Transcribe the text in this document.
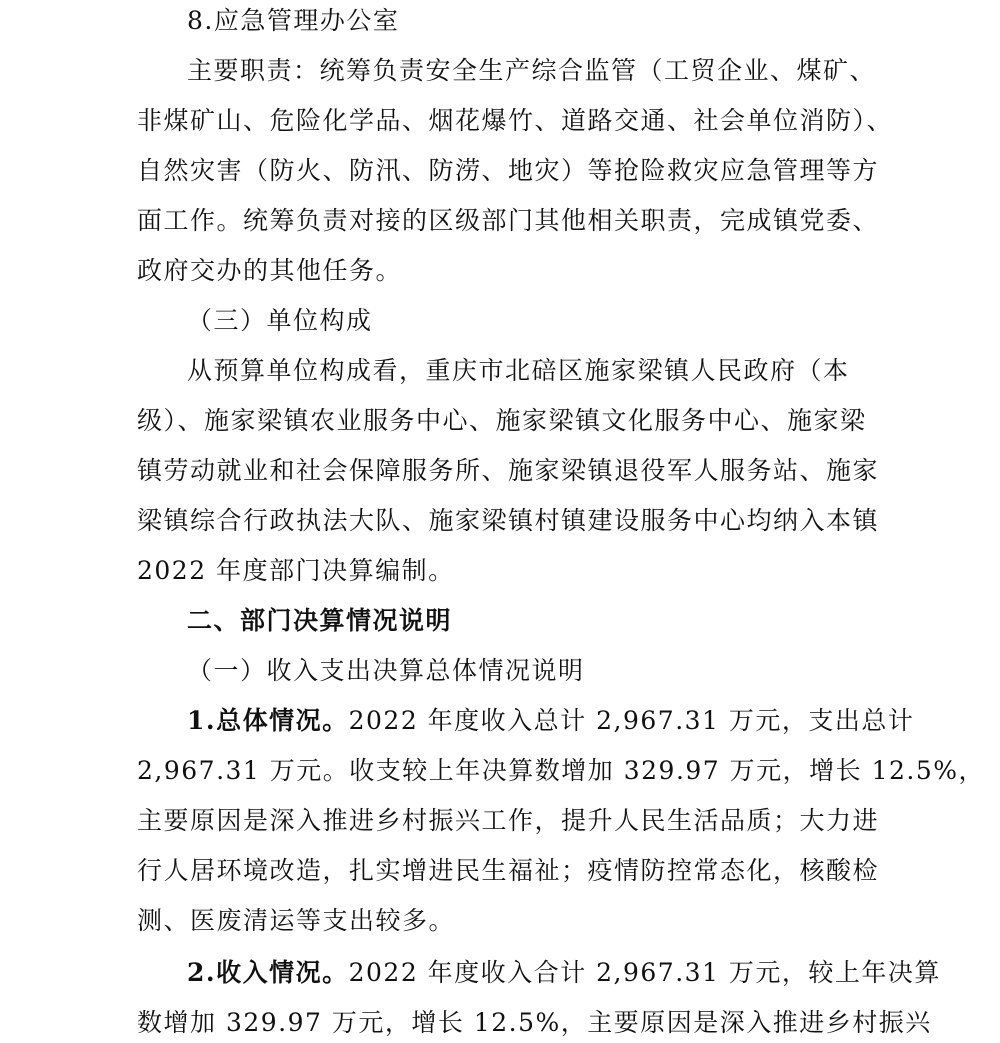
8.应急管理办公室
主要职责：统筹负责安全生产综合监管（工贸企业、煤矿、
非煤矿山、危险化学品、烟花爆竹、道路交通、社会单位消防）、
自然灾害（防火、防汛、防涝、地灾）等抢险救灾应急管理等方
面工作。统筹负责对接的区级部门其他相关职责，完成镇党委、
政府交办的其他任务。
（三）单位构成
从预算单位构成看，重庆市北碚区施家梁镇人民政府（本
级）、施家梁镇农业服务中心、施家梁镇文化服务中心、施家梁
镇劳动就业和社会保障服务所、施家梁镇退役军人服务站、施家
梁镇综合行政执法大队、施家梁镇村镇建设服务中心均纳入本镇
2022 年度部门决算编制。
二、部门决算情况说明
（一）收入支出决算总体情况说明
1.总体情况。2022 年度收入总计 2,967.31 万元，支出总计
2,967.31 万元。收支较上年决算数增加 329.97 万元，增长 12.5%，
主要原因是深入推进乡村振兴工作，提升人民生活品质；大力进
行人居环境改造，扎实增进民生福祉；疫情防控常态化，核酸检
测、医废清运等支出较多。
2.收入情况。2022 年度收入合计 2,967.31 万元，较上年决算
数增加 329.97 万元，增长 12.5%，主要原因是深入推进乡村振兴
